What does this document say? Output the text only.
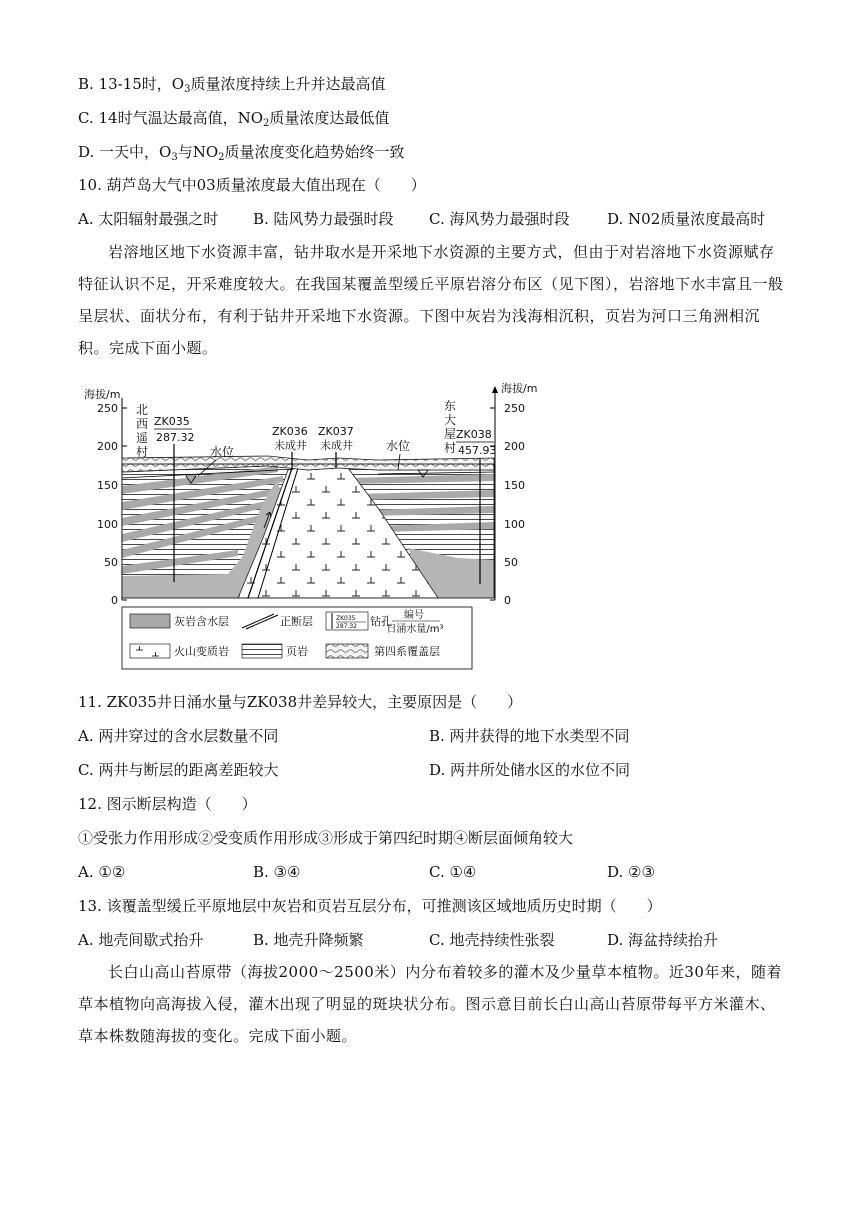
B. 13-15时，$O_3$质量浓度持续上升并达最高值
C. 14时气温达最高值，$NO_2$质量浓度达最低值
D. 一天中，$O_3$与$NO_2$质量浓度变化趋势始终一致
10. 葫芦岛大气中03质量浓度最大值出现在（　　）
A. 太阳辐射最强之时 B. 陆风势力最强时段 C. 海风势力最强时段	D. N02质量浓度最高时
岩溶地区地下水资源丰富，钻井取水是开采地下水资源的主要方式，但由于对岩溶地下水资源赋存特征认识不足，开采难度较大。在我国某覆盖型缓丘平原岩溶分布区（见下图），岩溶地下水丰富且一般呈层状、面状分布，有利于钻井开采地下水资源。下图中灰岩为浅海相沉积，页岩为河口三角洲相沉积。完成下面小题。
海拔/m	海拔/m
250
200
150
100
50
0
250
200
150
100
50
0
水位	水位
北西遥村
东大屋村
ZK035
287.32	ZK036
未成井
ZK037
未成井
ZK038
457.93
灰岩含水层	正断层	ZK035
287.32 钻孔 编号
日涌水量/m³
火山变质岩	页岩	第四系覆盖层
11. ZK035井日涌水量与ZK038井差异较大，主要原因是（　　）
A. 两井穿过的含水层数量不同	B. 两井获得的地下水类型不同
C. 两井与断层的距离差距较大	D. 两井所处储水区的水位不同
12. 图示断层构造（　　）
①受张力作用形成②受变质作用形成③形成于第四纪时期④断层面倾角较大
A. ①②	B. ③④	C. ①④	D. ②③
13. 该覆盖型缓丘平原地层中灰岩和页岩互层分布，可推测该区域地质历史时期（　　）
A. 地壳间歇式抬升	B. 地壳升降频繁	C. 地壳持续性张裂	D. 海盆持续抬升
长白山高山苔原带（海拔2000～2500米）内分布着较多的灌木及少量草本植物。近30年来，随着草本植物向高海拔入侵，灌木出现了明显的斑块状分布。图示意目前长白山高山苔原带每平方米灌木、草本株数随海拔的变化。完成下面小题。
